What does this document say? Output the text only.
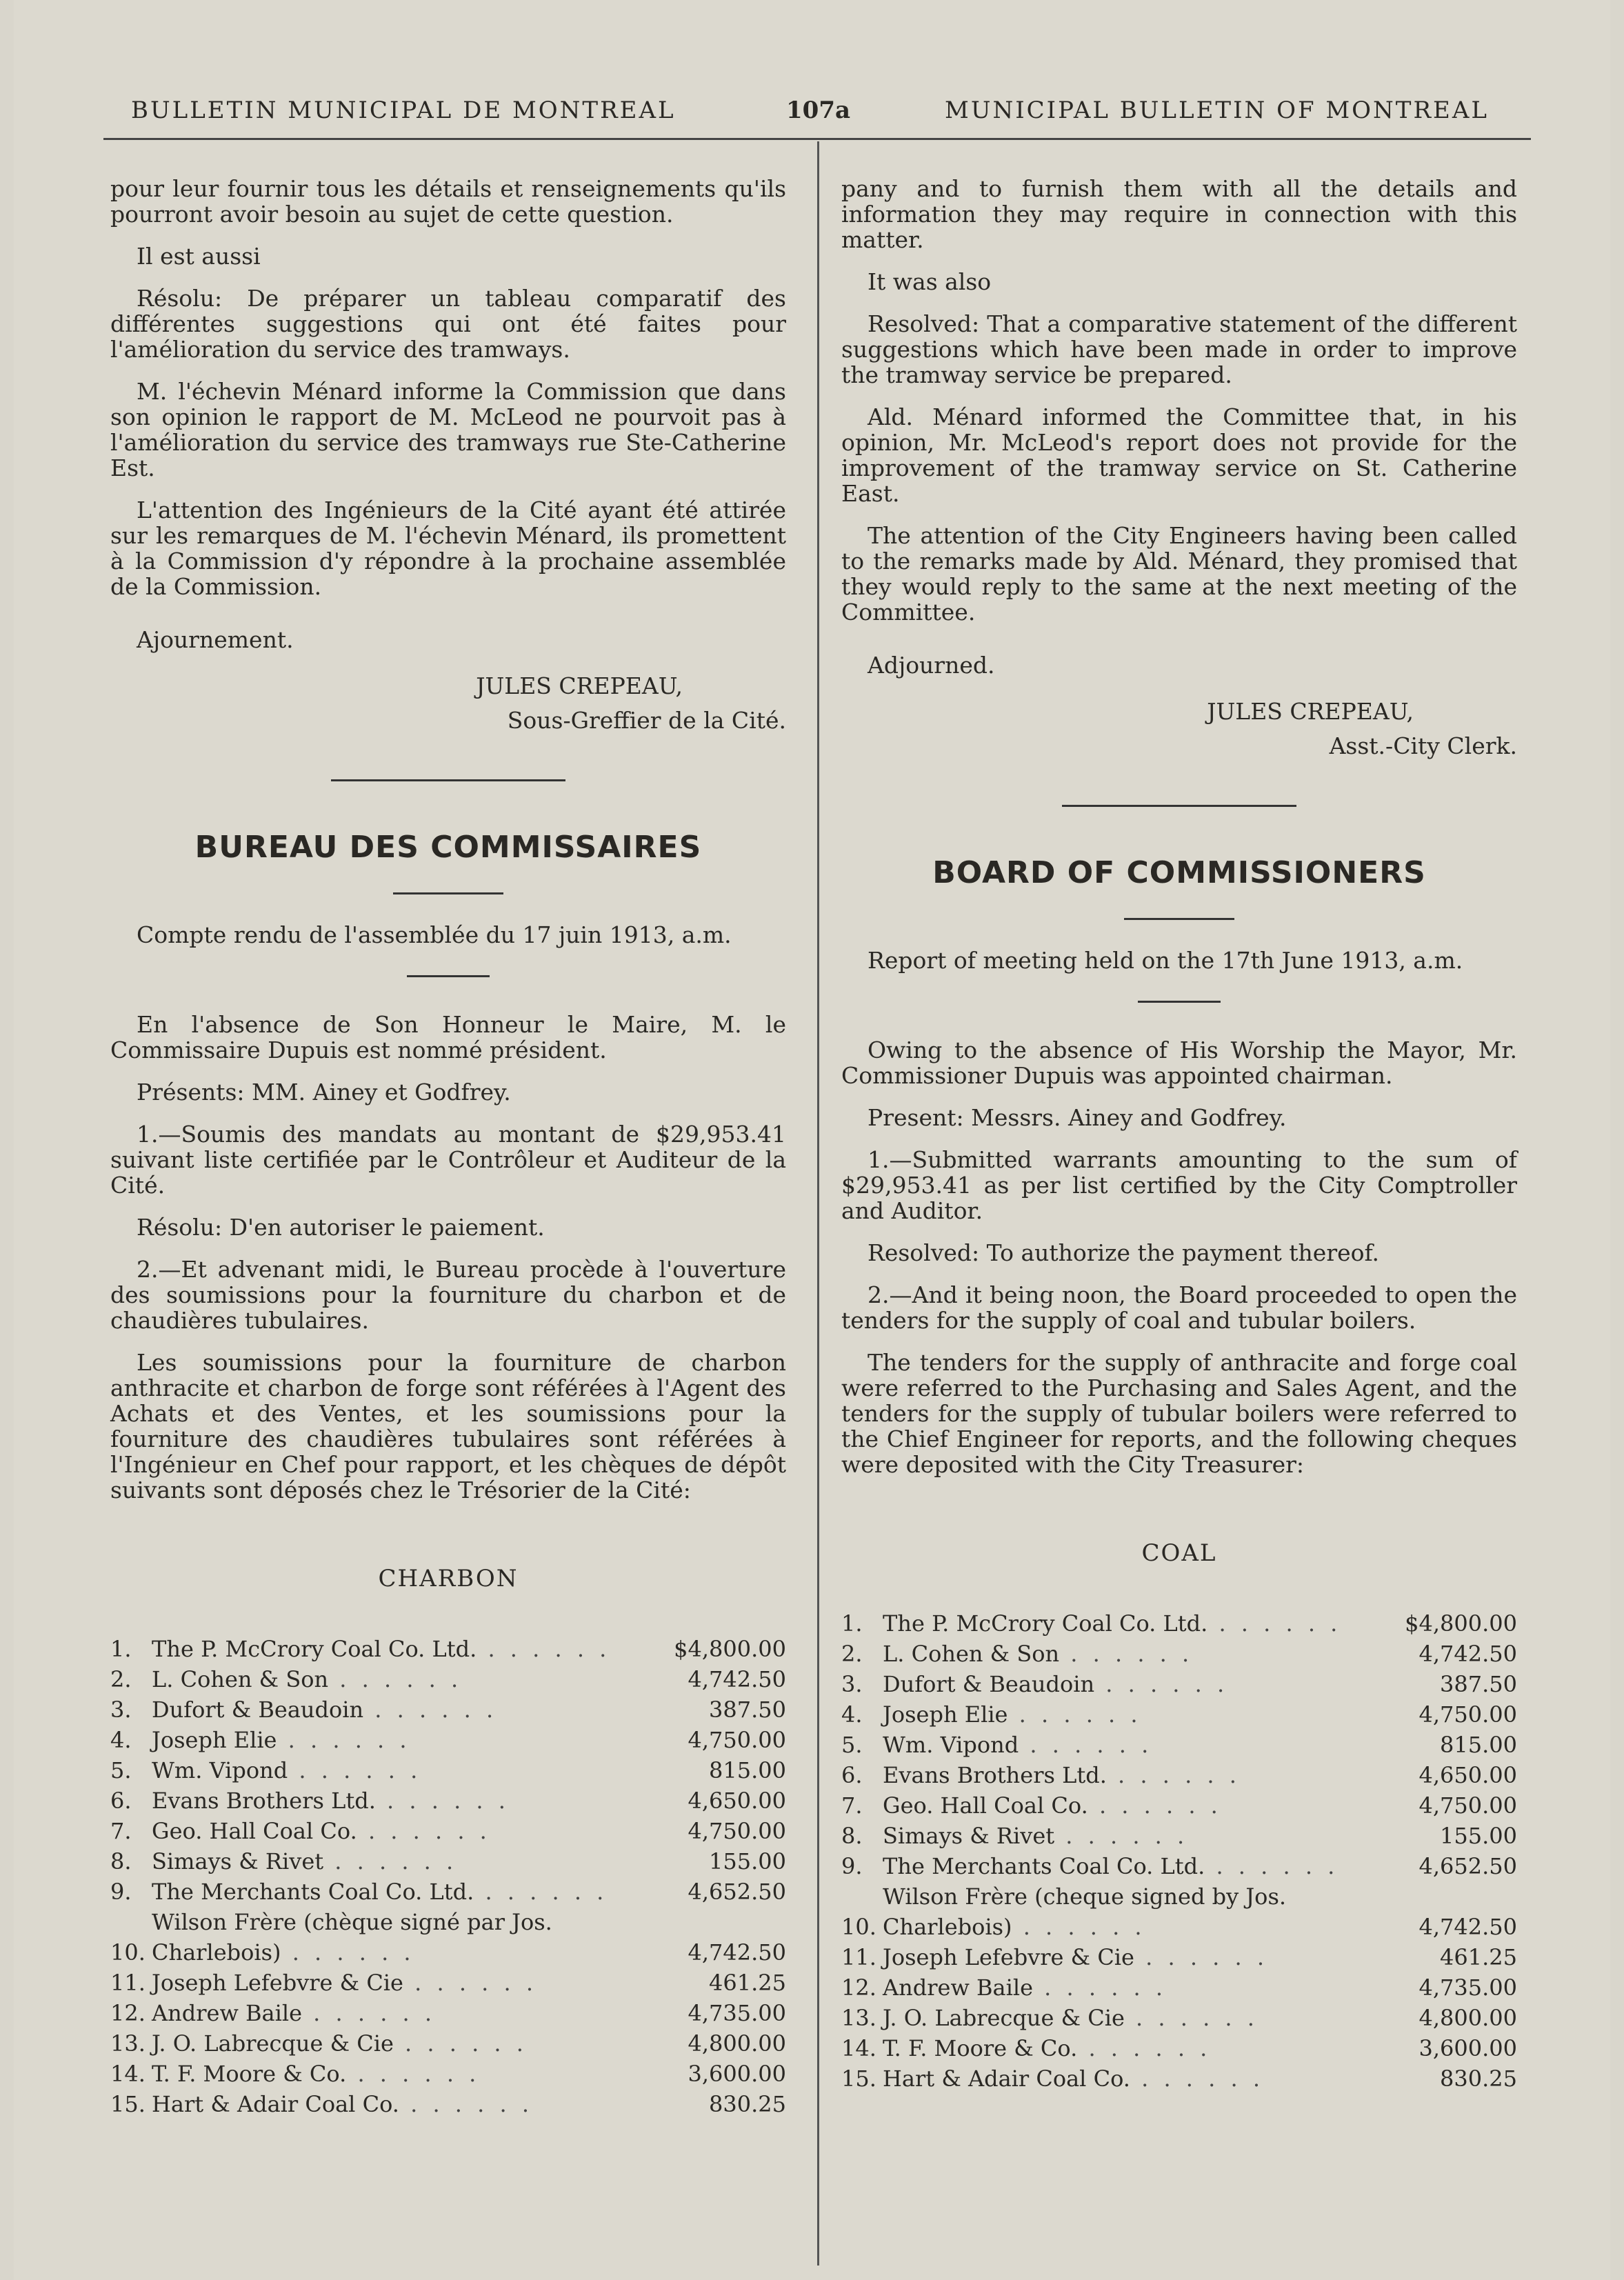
BULLETIN MUNICIPAL DE MONTREAL	107a	MUNICIPAL BULLETIN OF MONTREAL

pour leur fournir tous les détails et renseignements qu'ils pourront avoir besoin au sujet de cette question.

Il est aussi

Résolu: De préparer un tableau comparatif des différentes suggestions qui ont été faites pour l'amélioration du service des tramways.

M. l'échevin Ménard informe la Commission que dans son opinion le rapport de M. McLeod ne pourvoit pas à l'amélioration du service des tramways rue Ste-Catherine Est.

L'attention des Ingénieurs de la Cité ayant été attirée sur les remarques de M. l'échevin Ménard, ils promettent à la Commission d'y répondre à la prochaine assemblée de la Commission.

Ajournement.

JULES CREPEAU,
Sous-Greffier de la Cité.
BUREAU DES COMMISSAIRES

Compte rendu de l'assemblée du 17 juin 1913, a.m.

En l'absence de Son Honneur le Maire, M. le Commissaire Dupuis est nommé président.

Présents: MM. Ainey et Godfrey.

1.—Soumis des mandats au montant de $29,953.41 suivant liste certifiée par le Contrôleur et Auditeur de la Cité.

Résolu: D'en autoriser le paiement.

2.—Et advenant midi, le Bureau procède à l'ouverture des soumissions pour la fourniture du charbon et de chaudières tubulaires.

Les soumissions pour la fourniture de charbon anthracite et charbon de forge sont référées à l'Agent des Achats et des Ventes, et les soumissions pour la fourniture des chaudières tubulaires sont référées à l'Ingénieur en Chef pour rapport, et les chèques de dépôt suivants sont déposés chez le Trésorier de la Cité:

CHARBON
1.	The P. McCrory Coal Co. Ltd. . . . . . .	$4,800.00
2.	L. Cohen & Son . . . . . .	4,742.50
3.	Dufort & Beaudoin . . . . . .	387.50
4.	Joseph Elie . . . . . .	4,750.00
5.	Wm. Vipond . . . . . .	815.00
6.	Evans Brothers Ltd. . . . . . .	4,650.00
7.	Geo. Hall Coal Co. . . . . . .	4,750.00
8.	Simays & Rivet . . . . . .	155.00
9.	The Merchants Coal Co. Ltd. . . . . . .	4,652.50
10.	Wilson Frère (chèque signé par Jos. Charlebois) . . . . . .	4,742.50
11.	Joseph Lefebvre & Cie . . . . . .	461.25
12.	Andrew Baile . . . . . .	4,735.00
13.	J. O. Labrecque & Cie . . . . . .	4,800.00
14.	T. F. Moore & Co. . . . . . .	3,600.00
15.	Hart & Adair Coal Co. . . . . . .	830.25

pany and to furnish them with all the details and information they may require in connection with this matter.

It was also

Resolved: That a comparative statement of the different suggestions which have been made in order to improve the tramway service be prepared.

Ald. Ménard informed the Committee that, in his opinion, Mr. McLeod's report does not provide for the improvement of the tramway service on St. Catherine East.

The attention of the City Engineers having been called to the remarks made by Ald. Ménard, they promised that they would reply to the same at the next meeting of the Committee.

Adjourned.

JULES CREPEAU,
Asst.-City Clerk.
BOARD OF COMMISSIONERS

Report of meeting held on the 17th June 1913, a.m.

Owing to the absence of His Worship the Mayor, Mr. Commissioner Dupuis was appointed chairman.

Present: Messrs. Ainey and Godfrey.

1.—Submitted warrants amounting to the sum of $29,953.41 as per list certified by the City Comptroller and Auditor.

Resolved: To authorize the payment thereof.

2.—And it being noon, the Board proceeded to open the tenders for the supply of coal and tubular boilers.

The tenders for the supply of anthracite and forge coal were referred to the Purchasing and Sales Agent, and the tenders for the supply of tubular boilers were referred to the Chief Engineer for reports, and the following cheques were deposited with the City Treasurer:

COAL
1.	The P. McCrory Coal Co. Ltd. . . . . . .	$4,800.00
2.	L. Cohen & Son . . . . . .	4,742.50
3.	Dufort & Beaudoin . . . . . .	387.50
4.	Joseph Elie . . . . . .	4,750.00
5.	Wm. Vipond . . . . . .	815.00
6.	Evans Brothers Ltd. . . . . . .	4,650.00
7.	Geo. Hall Coal Co. . . . . . .	4,750.00
8.	Simays & Rivet . . . . . .	155.00
9.	The Merchants Coal Co. Ltd. . . . . . .	4,652.50
10.	Wilson Frère (cheque signed by Jos. Charlebois) . . . . . .	4,742.50
11.	Joseph Lefebvre & Cie . . . . . .	461.25
12.	Andrew Baile . . . . . .	4,735.00
13.	J. O. Labrecque & Cie . . . . . .	4,800.00
14.	T. F. Moore & Co. . . . . . .	3,600.00
15.	Hart & Adair Coal Co. . . . . . .	830.25
